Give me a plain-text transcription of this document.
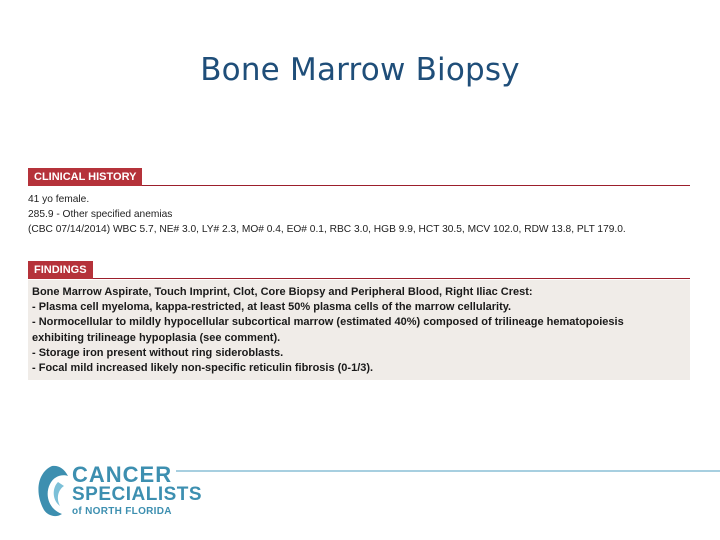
Bone Marrow Biopsy
CLINICAL HISTORY
41 yo female.
285.9 - Other specified anemias
(CBC 07/14/2014) WBC 5.7, NE# 3.0, LY# 2.3, MO# 0.4, EO# 0.1, RBC 3.0, HGB 9.9, HCT 30.5, MCV 102.0, RDW 13.8, PLT 179.0.
FINDINGS
Bone Marrow Aspirate, Touch Imprint, Clot, Core Biopsy and Peripheral Blood, Right Iliac Crest:
- Plasma cell myeloma, kappa-restricted, at least 50% plasma cells of the marrow cellularity.
- Normocellular to mildly hypocellular subcortical marrow (estimated 40%) composed of trilineage hematopoiesis
exhibiting trilineage hypoplasia (see comment).
- Storage iron present without ring sideroblasts.
- Focal mild increased likely non-specific reticulin fibrosis (0-1/3).
CANCER
SPECIALISTS
of NORTH FLORIDA
